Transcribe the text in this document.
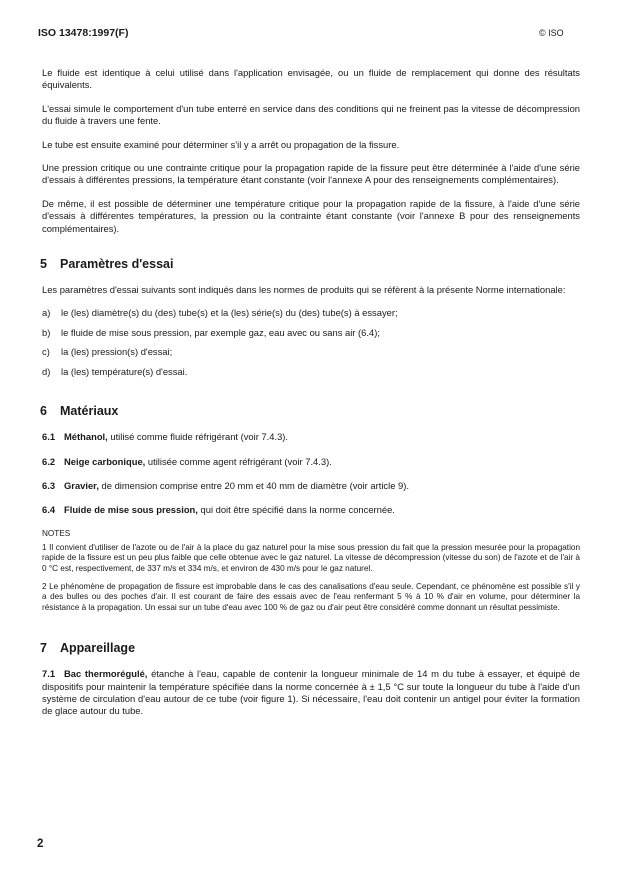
ISO 13478:1997(F)	© ISO

Le fluide est identique à celui utilisé dans l'application envisagée, ou un fluide de remplacement qui donne des résultats équivalents.

L'essai simule le comportement d'un tube enterré en service dans des conditions qui ne freinent pas la vitesse de décompression du fluide à travers une fente.

Le tube est ensuite examiné pour déterminer s'il y a arrêt ou propagation de la fissure.

Une pression critique ou une contrainte critique pour la propagation rapide de la fissure peut être déterminée à l'aide d'une série d'essais à différentes pressions, la température étant constante (voir l'annexe A pour des renseignements complémentaires).

De même, il est possible de déterminer une température critique pour la propagation rapide de la fissure, à l'aide d'une série d'essais à différentes températures, la pression ou la contrainte étant constante (voir l'annexe B pour des renseignements complémentaires).

5 Paramètres d'essai

Les paramètres d'essai suivants sont indiqués dans les normes de produits qui se réfèrent à la présente Norme internationale:

a)	le (les) diamètre(s) du (des) tube(s) et la (les) série(s) du (des) tube(s) à essayer;
b)	le fluide de mise sous pression, par exemple gaz, eau avec ou sans air (6.4);
c)	la (les) pression(s) d'essai;
d)	la (les) température(s) d'essai.
6 Matériaux

6.1 Méthanol, utilisé comme fluide réfrigérant (voir 7.4.3).

6.2 Neige carbonique, utilisée comme agent réfrigérant (voir 7.4.3).

6.3 Gravier, de dimension comprise entre 20 mm et 40 mm de diamètre (voir article 9).

6.4 Fluide de mise sous pression, qui doit être spécifié dans la norme concernée.

NOTES

1 Il convient d'utiliser de l'azote ou de l'air à la place du gaz naturel pour la mise sous pression du fait que la pression mesurée pour la propagation rapide de la fissure est un peu plus faible que celle obtenue avec le gaz naturel. La vitesse de décompression (vitesse du son) de l'azote et de l'air à 0 °C est, respectivement, de 337 m/s et 334 m/s, et environ de 430 m/s pour le gaz naturel.

2 Le phénomène de propagation de fissure est improbable dans le cas des canalisations d'eau seule. Cependant, ce phénomène est possible s'il y a des bulles ou des poches d'air. Il est courant de faire des essais avec de l'eau renfermant 5 % à 10 % d'air en volume, pour déterminer la résistance à la propagation. Un essai sur un tube d'eau avec 100 % de gaz ou d'air peut être considéré comme donnant un résultat pessimiste.

7 Appareillage

7.1 Bac thermorégulé, étanche à l'eau, capable de contenir la longueur minimale de 14 m du tube à essayer, et équipé de dispositifs pour maintenir la température spécifiée dans la norme concernée à ± 1,5 °C sur toute la longueur du tube à l'aide d'un système de circulation d'eau autour de ce tube (voir figure 1). Si nécessaire, l'eau doit contenir un antigel pour éviter la formation de glace autour du tube.

2
